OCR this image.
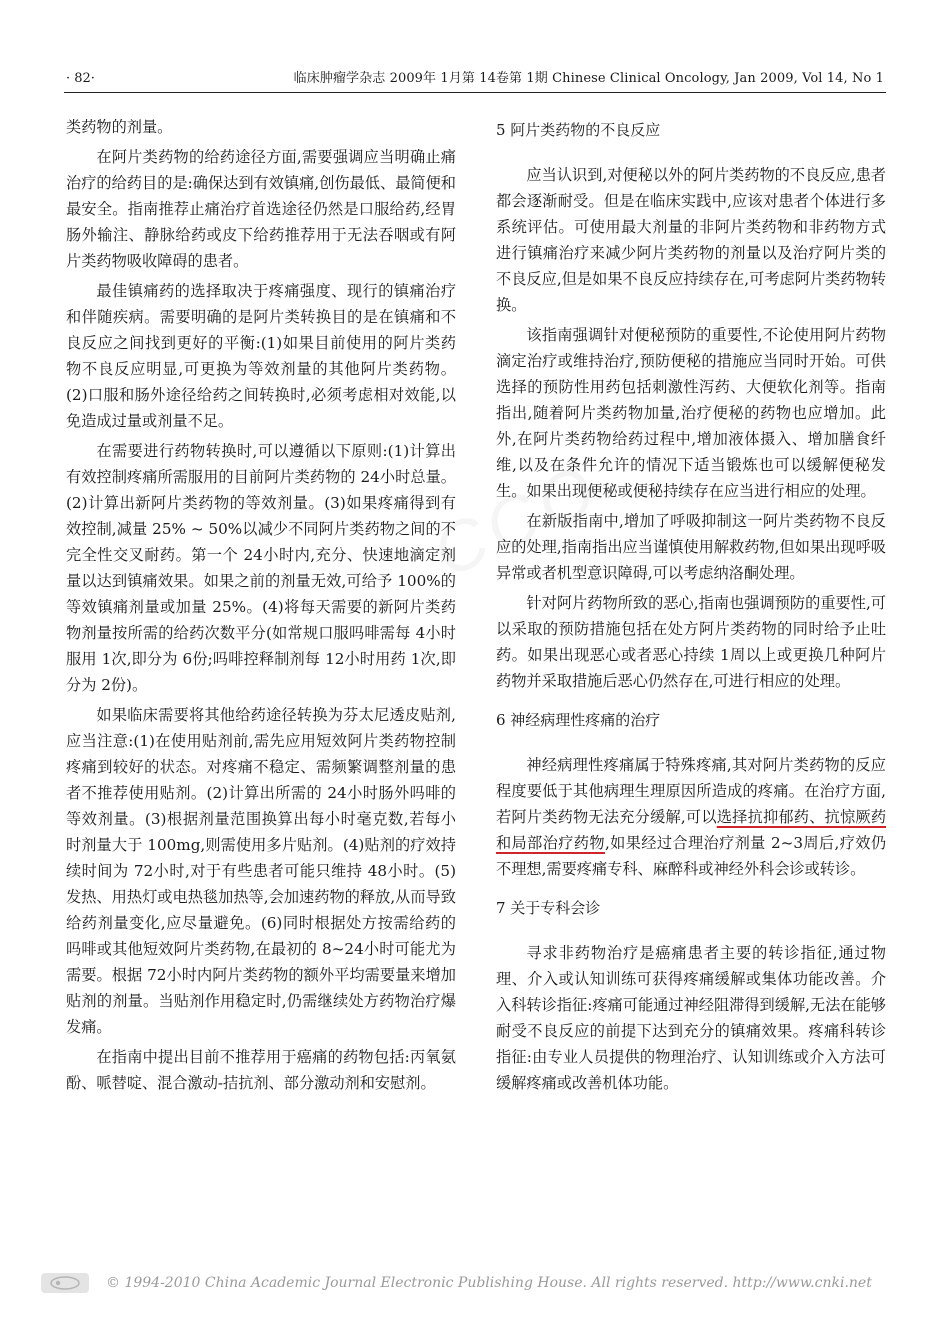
· 82·	临床肿瘤学杂志 2009年 1月第 14卷第 1期 Chinese Clinical Oncology, Jan 2009, Vol 14, No 1

类药物的剂量。

在阿片类药物的给药途径方面,需要强调应当明确止痛治疗的给药目的是:确保达到有效镇痛,创伤最低、最简便和最安全。指南推荐止痛治疗首选途径仍然是口服给药,经胃肠外输注、静脉给药或皮下给药推荐用于无法吞咽或有阿片类药物吸收障碍的患者。

最佳镇痛药的选择取决于疼痛强度、现行的镇痛治疗和伴随疾病。需要明确的是阿片类转换目的是在镇痛和不良反应之间找到更好的平衡:(1)如果目前使用的阿片类药物不良反应明显,可更换为等效剂量的其他阿片类药物。(2)口服和肠外途径给药之间转换时,必须考虑相对效能,以免造成过量或剂量不足。

在需要进行药物转换时,可以遵循以下原则:(1)计算出有效控制疼痛所需服用的目前阿片类药物的 24小时总量。(2)计算出新阿片类药物的等效剂量。(3)如果疼痛得到有效控制,减量 25% ~ 50%以减少不同阿片类药物之间的不完全性交叉耐药。第一个 24小时内,充分、快速地滴定剂量以达到镇痛效果。如果之前的剂量无效,可给予 100%的等效镇痛剂量或加量 25%。(4)将每天需要的新阿片类药物剂量按所需的给药次数平分(如常规口服吗啡需每 4小时服用 1次,即分为 6份;吗啡控释制剂每 12小时用药 1次,即分为 2份)。

如果临床需要将其他给药途径转换为芬太尼透皮贴剂,应当注意:(1)在使用贴剂前,需先应用短效阿片类药物控制疼痛到较好的状态。对疼痛不稳定、需频繁调整剂量的患者不推荐使用贴剂。(2)计算出所需的 24小时肠外吗啡的等效剂量。(3)根据剂量范围换算出每小时毫克数,若每小时剂量大于 100mg,则需使用多片贴剂。(4)贴剂的疗效持续时间为 72小时,对于有些患者可能只维持 48小时。(5)发热、用热灯或电热毯加热等,会加速药物的释放,从而导致给药剂量变化,应尽量避免。(6)同时根据处方按需给药的吗啡或其他短效阿片类药物,在最初的 8~24小时可能尤为需要。根据 72小时内阿片类药物的额外平均需要量来增加贴剂的剂量。当贴剂作用稳定时,仍需继续处方药物治疗爆发痛。

在指南中提出目前不推荐用于癌痛的药物包括:丙氧氨酚、哌替啶、混合激动-拮抗剂、部分激动剂和安慰剂。

5 阿片类药物的不良反应

应当认识到,对便秘以外的阿片类药物的不良反应,患者都会逐渐耐受。但是在临床实践中,应该对患者个体进行多系统评估。可使用最大剂量的非阿片类药物和非药物方式进行镇痛治疗来减少阿片类药物的剂量以及治疗阿片类的不良反应,但是如果不良反应持续存在,可考虑阿片类药物转换。

该指南强调针对便秘预防的重要性,不论使用阿片药物滴定治疗或维持治疗,预防便秘的措施应当同时开始。可供选择的预防性用药包括刺激性泻药、大便软化剂等。指南指出,随着阿片类药物加量,治疗便秘的药物也应增加。此外,在阿片类药物给药过程中,增加液体摄入、增加膳食纤维,以及在条件允许的情况下适当锻炼也可以缓解便秘发生。如果出现便秘或便秘持续存在应当进行相应的处理。

在新版指南中,增加了呼吸抑制这一阿片类药物不良反应的处理,指南指出应当谨慎使用解救药物,但如果出现呼吸异常或者机型意识障碍,可以考虑纳洛酮处理。

针对阿片药物所致的恶心,指南也强调预防的重要性,可以采取的预防措施包括在处方阿片类药物的同时给予止吐药。如果出现恶心或者恶心持续 1周以上或更换几种阿片药物并采取措施后恶心仍然存在,可进行相应的处理。

6 神经病理性疼痛的治疗

神经病理性疼痛属于特殊疼痛,其对阿片类药物的反应程度要低于其他病理生理原因所造成的疼痛。在治疗方面,若阿片类药物无法充分缓解,可以选择抗抑郁药、抗惊厥药和局部治疗药物,如果经过合理治疗剂量 2~3周后,疗效仍不理想,需要疼痛专科、麻醉科或神经外科会诊或转诊。

7 关于专科会诊

寻求非药物治疗是癌痛患者主要的转诊指征,通过物理、介入或认知训练可获得疼痛缓解或集体功能改善。介入科转诊指征:疼痛可能通过神经阻滞得到缓解,无法在能够耐受不良反应的前提下达到充分的镇痛效果。疼痛科转诊指征:由专业人员提供的物理治疗、认知训练或介入方法可缓解疼痛或改善机体功能。

© 1994-2010 China Academic Journal Electronic Publishing House. All rights reserved. http://www.cnki.net
